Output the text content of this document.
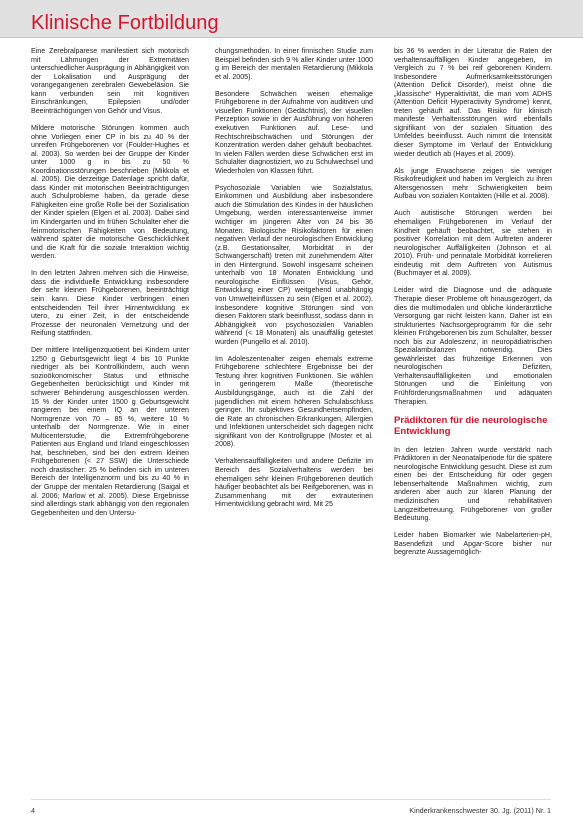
Klinische Fortbildung

Eine Zerebralparese manifestiert sich motorisch mit Lähmungen der Extremitäten unterschiedlicher Ausprägung in Abhängigkeit von der Lokalisation und Ausprägung der vorangegangenen zerebralen Gewebeläsion. Sie kann verbunden sein mit kognitiven Einschränkungen, Epilepsien und/oder Beeinträchtigungen von Gehör und Visus.

Mildere motorische Störungen kommen auch ohne Vorliegen einer CP in bis zu 40 % der unreifen Frühgeborenen vor (Foulder-Hughes et al. 2003). So werden bei der Gruppe der Kinder unter 1000 g in bis zu 50 % Koordinationsstörungen beschrieben (Mikkola et al. 2005). Die derzeitige Datenlage spricht dafür, dass Kinder mit motorischen Beeinträchtigungen auch Schulprobleme haben, da gerade diese Fähigkeiten eine große Rolle bei der Sozialisation der Kinder spielen (Elgen et al. 2003). Dabei sind im Kindergarten und im frühen Schulalter eher die feinmotorischen Fähigkeiten von Bedeutung, während später die motorische Geschicklichkeit und die Kraft für die soziale Interaktion wichtig werden.

In den letzten Jahren mehren sich die Hinweise, dass die individuelle Entwicklung insbesondere der sehr kleinen Frühgeborenen, beeinträchtigt sein kann. Diese Kinder verbringen einen entscheidenden Teil ihrer Hirnentwicklung ex utero, zu einer Zeit, in der entscheidende Prozesse der neuronalen Vernetzung und der Reifung stattfinden.

Der mittlere Intelligenzquotient bei Kindern unter 1250 g Geburtsgewicht liegt 4 bis 10 Punkte niedriger als bei Kontrollkindern, auch wenn sozioökonomischer Status und ethnische Gegebenheiten berücksichtigt und Kinder mit schwerer Behinderung ausgeschlossen werden. 15 % der Kinder unter 1500 g Geburtsgewicht rangieren bei einem IQ an der unteren Normgrenze von 70 – 85 %, weitere 10 % unterhalb der Normgrenze. Wie in einer Multicenterstudie, die Extremfrühgeborene Patienten aus England und Irland eingeschlossen hat, beschrieben, sind bei den extrem kleinen Frühgeborenen (< 27 SSW) die Unterschiede noch drastischer: 25 % befinden sich im unteren Bereich der Intelligenznorm und bis zu 40 % in der Gruppe der mentalen Retardierung (Saigal et al. 2006; Marlow et al. 2005). Diese Ergebnisse sind allerdings stark abhängig von den regionalen Gegebenheiten und den Untersu-

chungsmethoden. In einer finnischen Studie zum Beispiel befinden sich 9 % aller Kinder unter 1000 g im Bereich der mentalen Retardierung (Mikkola et al. 2005).

Besondere Schwächen weisen ehemalige Frühgeborene in der Aufnahme von auditiven und visuellen Funktionen (Gedächtnis), der visuellen Perzeption sowie in der Ausführung von höheren exekutiven Funktionen auf. Lese- und Rechtschreibschwächen und Störungen der Konzentration werden daher gehäuft beobachtet. In vielen Fällen werden diese Schwächen erst im Schulalter diagnostiziert, wo zu Schulwechsel und Wiederholen von Klassen führt.

Psychosoziale Variablen wie Sozialstatus, Einkommen und Ausbildung aber insbesondere auch die Stimulation des Kindes in der häuslichen Umgebung, werden interessanterweise immer wichtiger im jüngeren Alter von 24 bis 36 Monaten. Biologische Risikofaktoren für einen negativen Verlauf der neurologischen Entwicklung (z.B. Gestationsalter, Morbidität in der Schwangerschaft) treten mit zunehmendem Alter in den Hintergrund. Sowohl insgesamt scheinen unterhalb von 18 Monaten Entwicklung und neurologische Einflüssen (Visus, Gehör, Entwicklung einer CP) weitgehend unabhängig von Umwelteinflüssen zu sein (Elgen et al. 2002). Insbesondere kognitive Störungen sind von diesen Faktoren stark beeinflusst, sodass dann in Abhängigkeit von psychosozialen Variablen während (< 18 Monaten) als unauffällig getestet wurden (Pungello et al. 2010).

Im Adoleszentenalter zeigen ehemals extreme Frühgeborene schlechtere Ergebnisse bei der Testung ihrer kognitiven Funktionen. Sie wählen in geringerem Maße (theoretische Ausbildungsgänge, auch ist die Zahl der jugendlichen mit einem höheren Schulabschluss geringer. Ihr subjektives Gesundheitsempfinden, die Rate an chronischen Erkrankungen, Allergien und Infektionen unterscheidet sich dagegen nicht signifikant von der Kontrollgruppe (Moster et al. 2008).

Verhaltensauffälligkeiten und andere Defizite im Bereich des Sozialverhaltens werden bei ehemaligen sehr kleinen Frühgeborenen deutlich häufiger beobachtet als bei Reifgeborenen, was in Zusammenhang mit der extrauterinen Hirnentwicklung gebracht wird. Mit 25

bis 36 % werden in der Literatur die Raten der verhaltensauffälligen Kinder angegeben, im Vergleich zu 7 % bei reif geborenen Kindern. Insbesondere Aufmerksamkeitsstörungen (Attention Deficit Disorder), meist ohne die „klassische“ Hyperaktivität, die man vom ADHS (Attention Deficit Hyperactivity Syndrome) kennt, treten gehäuft auf. Das Risiko für klinisch manifeste Verhaltensstörungen wird ebenfalls signifikant von der sozialen Situation des Umfeldes beeinflusst. Auch nimmt die Intensität dieser Symptome im Verlauf der Entwicklung wieder deutlich ab (Hayes et al. 2009).

Als junge Erwachsene zeigen sie weniger Risikofreudigkeit und haben im Vergleich zu ihren Altersgenossen mehr Schwierigkeiten beim Aufbau von sozialen Kontakten (Hille et al. 2008).

Auch autistische Störungen werden bei ehemaligen Frühgeborenen im Verlauf der Kindheit gehäuft beobachtet, sie stehen in positiver Korrelation mit dem Auftreten anderer neurologischer Auffälligkeiten (Johnson et al. 2010). Früh- und perinatale Morbidität korrelieren eindeutig mit dem Auftreten von Autismus (Buchmayer et al. 2009).

Leider wird die Diagnose und die adäquate Therapie dieser Probleme oft hinausgezögert, da dies die multimodalen und übliche kinderärztliche Versorgung gar nicht leisten kann. Daher ist ein strukturiertes Nachsorgeprogramm für die sehr kleinen Frühgeborenen bis zum Schulalter, besser noch bis zur Adoleszenz, in neuropädiatrischen Spezialambulanzen notwendig. Dies gewährleistet das frühzeitige Erkennen von neurologischen Defiziten, Verhaltensauffälligkeiten und emotionalen Störungen und die Einleitung von Frühförderungsmaßnahmen und adäquaten Therapien.

Prädiktoren für die neurologische Entwicklung

In den letzten Jahren wurde verstärkt nach Prädiktoren in der Neonatalperiode für die spätere neurologische Entwicklung gesucht. Diese ist zum einen bei der Entscheidung für oder gegen lebenserhaltende Maßnahmen wichtig, zum anderen aber auch zur klaren Planung der medizinischen und rehabilitativen Langzeitbetreuung. Frühgeborener von großer Bedeutung.

Leider haben Biomarker wie Nabelarterien-pH, Basendefizit und Apgar-Score bisher nur begrenzte Aussagemöglich-

4	Kinderkrankenschwester 30. Jg. (2011) Nr. 1
